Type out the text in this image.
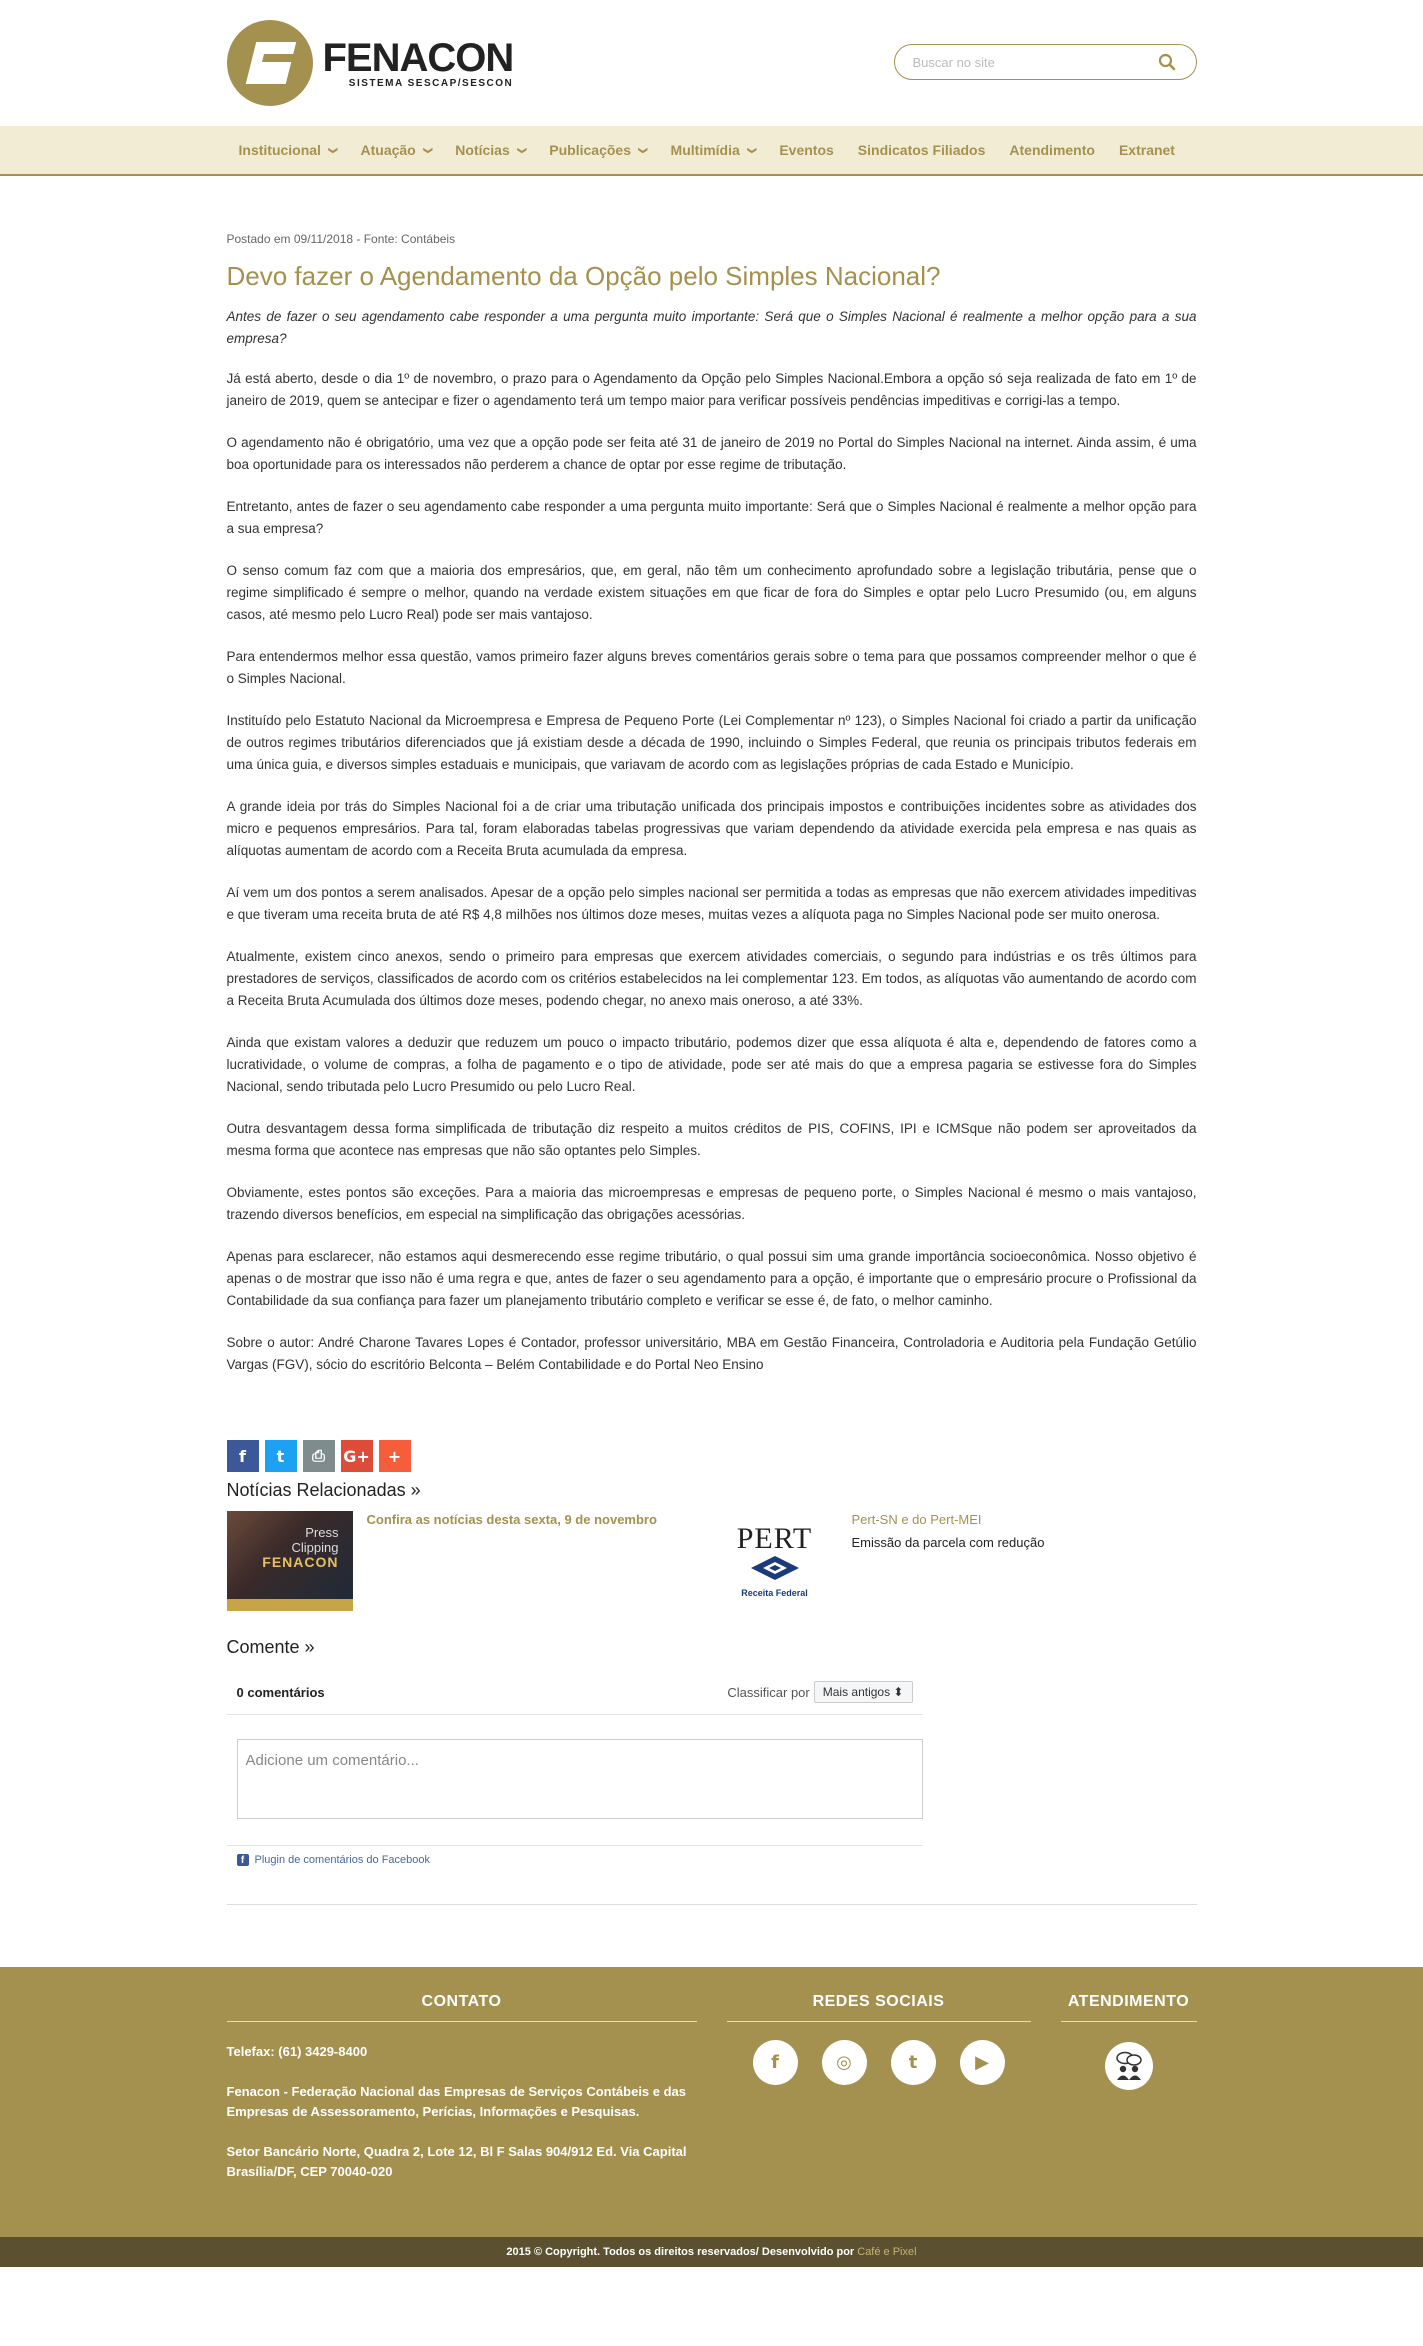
FENACON
SISTEMA SESCAP/SESCON
Buscar no site
Institucional ❯ Atuação ❯ Notícias ❯ Publicações ❯ Multimídia ❯ Eventos Sindicatos Filiados Atendimento Extranet
Postado em 09/11/2018 - Fonte: Contábeis
Devo fazer o Agendamento da Opção pelo Simples Nacional?

Antes de fazer o seu agendamento cabe responder a uma pergunta muito importante: Será que o Simples Nacional é realmente a melhor opção para a sua empresa?

Já está aberto, desde o dia 1º de novembro, o prazo para o Agendamento da Opção pelo Simples Nacional.Embora a opção só seja realizada de fato em 1º de janeiro de 2019, quem se antecipar e fizer o agendamento terá um tempo maior para verificar possíveis pendências impeditivas e corrigi-las a tempo.

O agendamento não é obrigatório, uma vez que a opção pode ser feita até 31 de janeiro de 2019 no Portal do Simples Nacional na internet. Ainda assim, é uma boa oportunidade para os interessados não perderem a chance de optar por esse regime de tributação.

Entretanto, antes de fazer o seu agendamento cabe responder a uma pergunta muito importante: Será que o Simples Nacional é realmente a melhor opção para a sua empresa?

O senso comum faz com que a maioria dos empresários, que, em geral, não têm um conhecimento aprofundado sobre a legislação tributária, pense que o regime simplificado é sempre o melhor, quando na verdade existem situações em que ficar de fora do Simples e optar pelo Lucro Presumido (ou, em alguns casos, até mesmo pelo Lucro Real) pode ser mais vantajoso.

Para entendermos melhor essa questão, vamos primeiro fazer alguns breves comentários gerais sobre o tema para que possamos compreender melhor o que é o Simples Nacional.

Instituído pelo Estatuto Nacional da Microempresa e Empresa de Pequeno Porte (Lei Complementar nº 123), o Simples Nacional foi criado a partir da unificação de outros regimes tributários diferenciados que já existiam desde a década de 1990, incluindo o Simples Federal, que reunia os principais tributos federais em uma única guia, e diversos simples estaduais e municipais, que variavam de acordo com as legislações próprias de cada Estado e Município.

A grande ideia por trás do Simples Nacional foi a de criar uma tributação unificada dos principais impostos e contribuições incidentes sobre as atividades dos micro e pequenos empresários. Para tal, foram elaboradas tabelas progressivas que variam dependendo da atividade exercida pela empresa e nas quais as alíquotas aumentam de acordo com a Receita Bruta acumulada da empresa.

Aí vem um dos pontos a serem analisados. Apesar de a opção pelo simples nacional ser permitida a todas as empresas que não exercem atividades impeditivas e que tiveram uma receita bruta de até R$ 4,8 milhões nos últimos doze meses, muitas vezes a alíquota paga no Simples Nacional pode ser muito onerosa.

Atualmente, existem cinco anexos, sendo o primeiro para empresas que exercem atividades comerciais, o segundo para indústrias e os três últimos para prestadores de serviços, classificados de acordo com os critérios estabelecidos na lei complementar 123. Em todos, as alíquotas vão aumentando de acordo com a Receita Bruta Acumulada dos últimos doze meses, podendo chegar, no anexo mais oneroso, a até 33%.

Ainda que existam valores a deduzir que reduzem um pouco o impacto tributário, podemos dizer que essa alíquota é alta e, dependendo de fatores como a lucratividade, o volume de compras, a folha de pagamento e o tipo de atividade, pode ser até mais do que a empresa pagaria se estivesse fora do Simples Nacional, sendo tributada pelo Lucro Presumido ou pelo Lucro Real.

Outra desvantagem dessa forma simplificada de tributação diz respeito a muitos créditos de PIS, COFINS, IPI e ICMSque não podem ser aproveitados da mesma forma que acontece nas empresas que não são optantes pelo Simples.

Obviamente, estes pontos são exceções. Para a maioria das microempresas e empresas de pequeno porte, o Simples Nacional é mesmo o mais vantajoso, trazendo diversos benefícios, em especial na simplificação das obrigações acessórias.

Apenas para esclarecer, não estamos aqui desmerecendo esse regime tributário, o qual possui sim uma grande importância socioeconômica. Nosso objetivo é apenas o de mostrar que isso não é uma regra e que, antes de fazer o seu agendamento para a opção, é importante que o empresário procure o Profissional da Contabilidade da sua confiança para fazer um planejamento tributário completo e verificar se esse é, de fato, o melhor caminho.

Sobre o autor: André Charone Tavares Lopes é Contador, professor universitário, MBA em Gestão Financeira, Controladoria e Auditoria pela Fundação Getúlio Vargas (FGV), sócio do escritório Belconta – Belém Contabilidade e do Portal Neo Ensino

f	t	⎙	G+	+
Notícias Relacionadas »
Press
Clipping
FENACON
Confira as notícias desta sexta, 9 de novembro
PERT
Receita Federal
Pert-SN e do Pert-MEI
Emissão da parcela com redução
Comente »
0 comentários	Classificar por	Mais antigos ⬍
Adicione um comentário...
f Plugin de comentários do Facebook
CONTATO

Telefax: (61) 3429-8400

Fenacon - Federação Nacional das Empresas de Serviços Contábeis e das Empresas de Assessoramento, Perícias, Informações e Pesquisas.

Setor Bancário Norte, Quadra 2, Lote 12, Bl F Salas 904/912 Ed. Via Capital Brasília/DF, CEP 70040-020

REDES SOCIAIS
f	◎	t	▶
ATENDIMENTO
2015 © Copyright. Todos os direitos reservados/ Desenvolvido por Café e Pixel
